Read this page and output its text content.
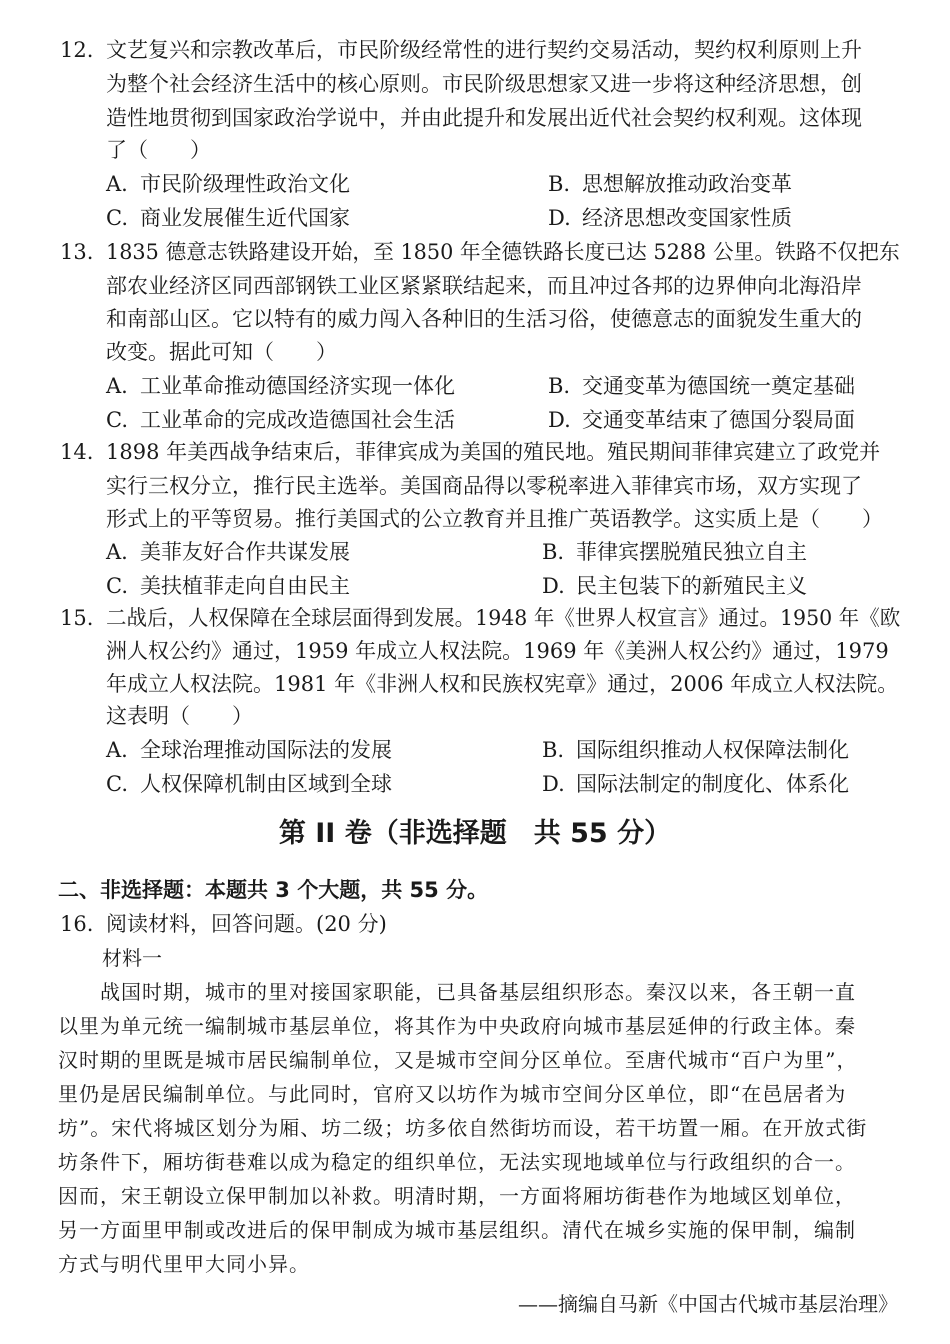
12. 文艺复兴和宗教改革后，市民阶级经常性的进行契约交易活动，契约权利原则上升
为整个社会经济生活中的核心原则。市民阶级思想家又进一步将这种经济思想，创
造性地贯彻到国家政治学说中，并由此提升和发展出近代社会契约权利观。这体现
了（　　）
A. 市民阶级理性政治文化	B. 思想解放推动政治变革
C. 商业发展催生近代国家	D. 经济思想改变国家性质
13. 1835 德意志铁路建设开始，至 1850 年全德铁路长度已达 5288 公里。铁路不仅把东
部农业经济区同西部钢铁工业区紧紧联结起来，而且冲过各邦的边界伸向北海沿岸
和南部山区。它以特有的威力闯入各种旧的生活习俗，使德意志的面貌发生重大的
改变。据此可知（　　）
A. 工业革命推动德国经济实现一体化	B. 交通变革为德国统一奠定基础
C. 工业革命的完成改造德国社会生活	D. 交通变革结束了德国分裂局面
14. 1898 年美西战争结束后，菲律宾成为美国的殖民地。殖民期间菲律宾建立了政党并
实行三权分立，推行民主选举。美国商品得以零税率进入菲律宾市场，双方实现了
形式上的平等贸易。推行美国式的公立教育并且推广英语教学。这实质上是（　　）
A. 美菲友好合作共谋发展	B. 菲律宾摆脱殖民独立自主
C. 美扶植菲走向自由民主	D. 民主包装下的新殖民主义
15. 二战后，人权保障在全球层面得到发展。1948 年《世界人权宣言》通过。1950 年《欧
洲人权公约》通过，1959 年成立人权法院。1969 年《美洲人权公约》通过，1979
年成立人权法院。1981 年《非洲人权和民族权宪章》通过，2006 年成立人权法院。
这表明（　　）
A. 全球治理推动国际法的发展	B. 国际组织推动人权保障法制化
C. 人权保障机制由区域到全球	D. 国际法制定的制度化、体系化
第 II 卷（非选择题　共 55 分）
二、非选择题：本题共 3 个大题，共 55 分。
16. 阅读材料，回答问题。(20 分)
材料一
战国时期，城市的里对接国家职能，已具备基层组织形态。秦汉以来，各王朝一直
以里为单元统一编制城市基层单位，将其作为中央政府向城市基层延伸的行政主体。秦
汉时期的里既是城市居民编制单位，又是城市空间分区单位。至唐代城市“百户为里”，
里仍是居民编制单位。与此同时，官府又以坊作为城市空间分区单位，即“在邑居者为
坊”。宋代将城区划分为厢、坊二级；坊多依自然街坊而设，若干坊置一厢。在开放式街
坊条件下，厢坊街巷难以成为稳定的组织单位，无法实现地域单位与行政组织的合一。
因而，宋王朝设立保甲制加以补救。明清时期，一方面将厢坊街巷作为地域区划单位，
另一方面里甲制或改进后的保甲制成为城市基层组织。清代在城乡实施的保甲制，编制
方式与明代里甲大同小异。
——摘编自马新《中国古代城市基层治理》
